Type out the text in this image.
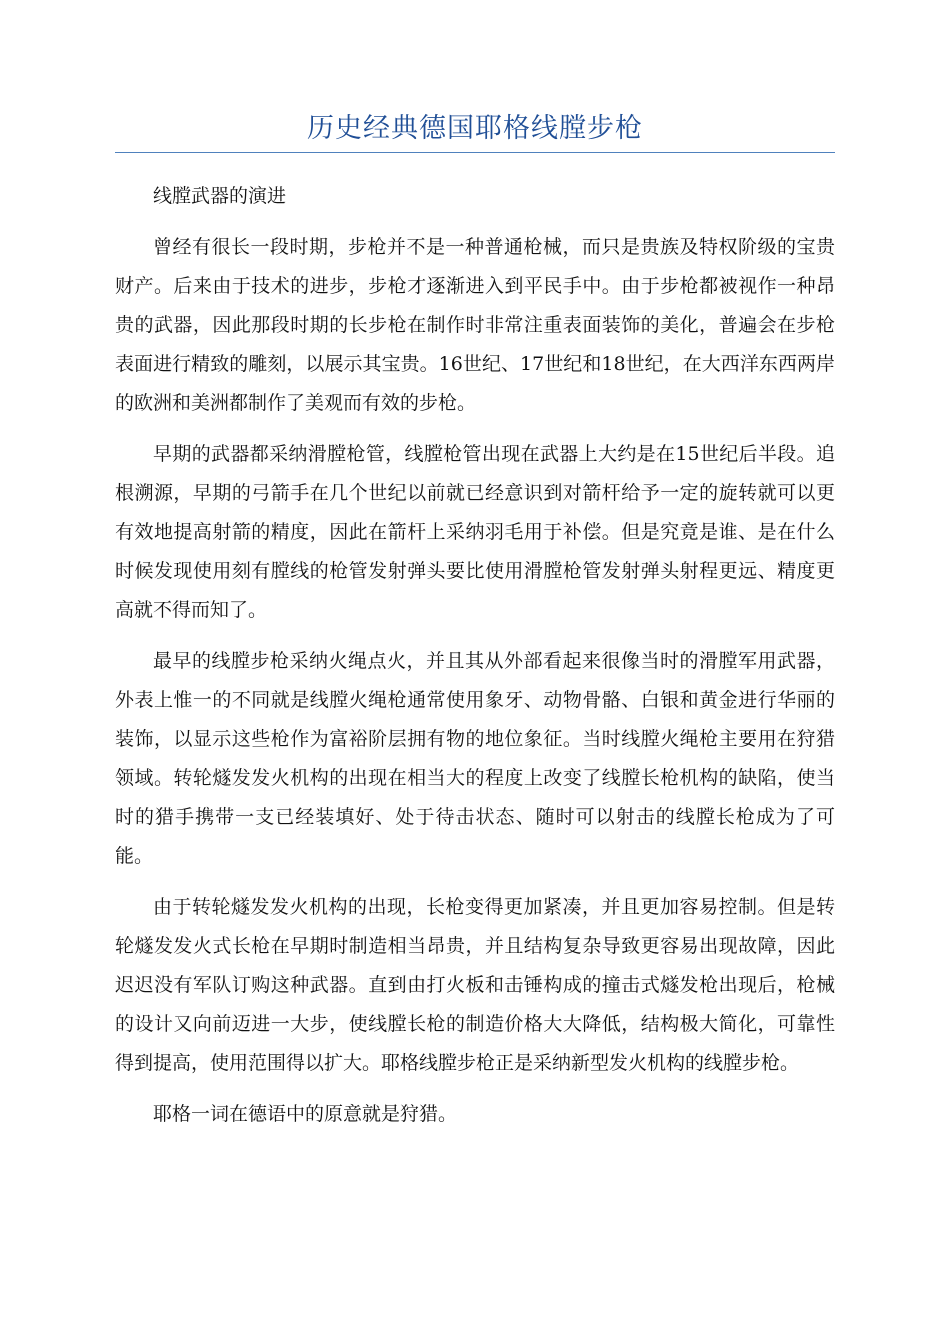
历史经典德国耶格线膛步枪

线膛武器的演进

曾经有很长一段时期，步枪并不是一种普通枪械，而只是贵族及特权阶级的宝贵财产。后来由于技术的进步，步枪才逐渐进入到平民手中。由于步枪都被视作一种昂贵的武器，因此那段时期的长步枪在制作时非常注重表面装饰的美化，普遍会在步枪表面进行精致的雕刻，以展示其宝贵。16世纪、17世纪和18世纪，在大西洋东西两岸的欧洲和美洲都制作了美观而有效的步枪。

早期的武器都采纳滑膛枪管，线膛枪管出现在武器上大约是在15世纪后半段。追根溯源，早期的弓箭手在几个世纪以前就已经意识到对箭杆给予一定的旋转就可以更有效地提高射箭的精度，因此在箭杆上采纳羽毛用于补偿。但是究竟是谁、是在什么时候发现使用刻有膛线的枪管发射弹头要比使用滑膛枪管发射弹头射程更远、精度更高就不得而知了。

最早的线膛步枪采纳火绳点火，并且其从外部看起来很像当时的滑膛军用武器，外表上惟一的不同就是线膛火绳枪通常使用象牙、动物骨骼、白银和黄金进行华丽的装饰，以显示这些枪作为富裕阶层拥有物的地位象征。当时线膛火绳枪主要用在狩猎领域。转轮燧发发火机构的出现在相当大的程度上改变了线膛长枪机构的缺陷，使当时的猎手携带一支已经装填好、处于待击状态、随时可以射击的线膛长枪成为了可能。

由于转轮燧发发火机构的出现，长枪变得更加紧凑，并且更加容易控制。但是转轮燧发发火式长枪在早期时制造相当昂贵，并且结构复杂导致更容易出现故障，因此迟迟没有军队订购这种武器。直到由打火板和击锤构成的撞击式燧发枪出现后，枪械的设计又向前迈进一大步，使线膛长枪的制造价格大大降低，结构极大简化，可靠性得到提高，使用范围得以扩大。耶格线膛步枪正是采纳新型发火机构的线膛步枪。

耶格一词在德语中的原意就是狩猎。
